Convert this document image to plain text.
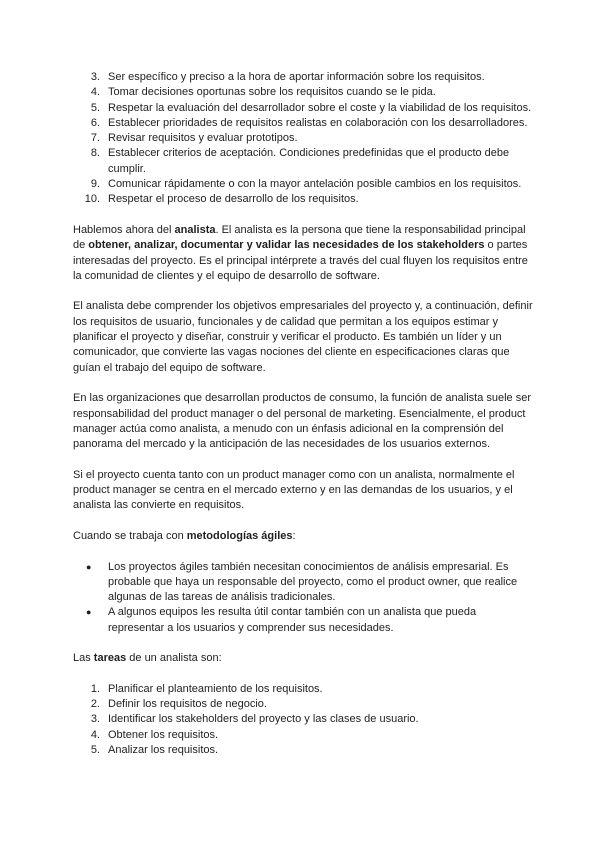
3. Ser específico y preciso a la hora de aportar información sobre los requisitos.
4. Tomar decisiones oportunas sobre los requisitos cuando se le pida.
5. Respetar la evaluación del desarrollador sobre el coste y la viabilidad de los requisitos.
6. Establecer prioridades de requisitos realistas en colaboración con los desarrolladores.
7. Revisar requisitos y evaluar prototipos.
8. Establecer criterios de aceptación. Condiciones predefinidas que el producto debe cumplir.
9. Comunicar rápidamente o con la mayor antelación posible cambios en los requisitos.
10. Respetar el proceso de desarrollo de los requisitos.

Hablemos ahora del analista. El analista es la persona que tiene la responsabilidad principal de obtener, analizar, documentar y validar las necesidades de los stakeholders o partes interesadas del proyecto. Es el principal intérprete a través del cual fluyen los requisitos entre la comunidad de clientes y el equipo de desarrollo de software.

El analista debe comprender los objetivos empresariales del proyecto y, a continuación, definir los requisitos de usuario, funcionales y de calidad que permitan a los equipos estimar y planificar el proyecto y diseñar, construir y verificar el producto. Es también un líder y un comunicador, que convierte las vagas nociones del cliente en especificaciones claras que guían el trabajo del equipo de software.

En las organizaciones que desarrollan productos de consumo, la función de analista suele ser responsabilidad del product manager o del personal de marketing. Esencialmente, el product manager actúa como analista, a menudo con un énfasis adicional en la comprensión del panorama del mercado y la anticipación de las necesidades de los usuarios externos.

Si el proyecto cuenta tanto con un product manager como con un analista, normalmente el product manager se centra en el mercado externo y en las demandas de los usuarios, y el analista las convierte en requisitos.

Cuando se trabaja con metodologías ágiles:

● Los proyectos ágiles también necesitan conocimientos de análisis empresarial. Es probable que haya un responsable del proyecto, como el product owner, que realice algunas de las tareas de análisis tradicionales.
● A algunos equipos les resulta útil contar también con un analista que pueda representar a los usuarios y comprender sus necesidades.

Las tareas de un analista son:

1. Planificar el planteamiento de los requisitos.
2. Definir los requisitos de negocio.
3. Identificar los stakeholders del proyecto y las clases de usuario.
4. Obtener los requisitos.
5. Analizar los requisitos.
